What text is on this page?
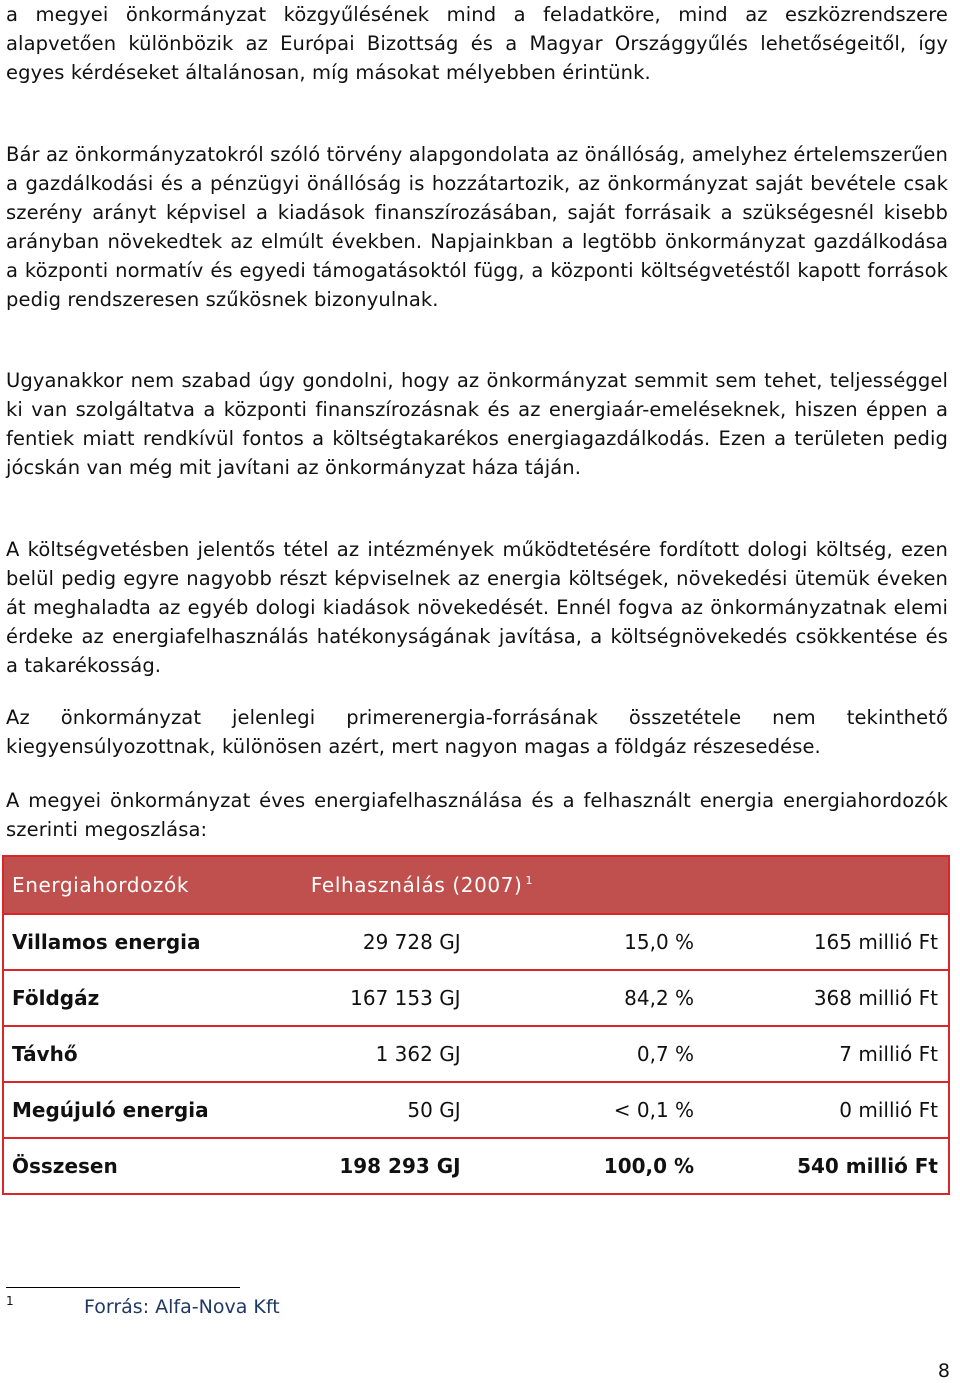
a megyei önkormányzat közgyűlésének mind a feladatköre, mind az eszközrendszere alapvetően különbözik az Európai Bizottság és a Magyar Országgyűlés lehetőségeitől, így egyes kérdéseket általánosan, míg másokat mélyebben érintünk.

Bár az önkormányzatokról szóló törvény alapgondolata az önállóság, amelyhez értelemszerűen a gazdálkodási és a pénzügyi önállóság is hozzátartozik, az önkormányzat saját bevétele csak szerény arányt képvisel a kiadások finanszírozásában, saját forrásaik a szükségesnél kisebb arányban növekedtek az elmúlt években. Napjainkban a legtöbb önkormányzat gazdálkodása a központi normatív és egyedi támogatásoktól függ, a központi költségvetéstől kapott források pedig rendszeresen szűkösnek bizonyulnak.

Ugyanakkor nem szabad úgy gondolni, hogy az önkormányzat semmit sem tehet, teljességgel ki van szolgáltatva a központi finanszírozásnak és az energiaár-emeléseknek, hiszen éppen a fentiek miatt rendkívül fontos a költségtakarékos energiagazdálkodás. Ezen a területen pedig jócskán van még mit javítani az önkormányzat háza táján.

A költségvetésben jelentős tétel az intézmények működtetésére fordított dologi költség, ezen belül pedig egyre nagyobb részt képviselnek az energia költségek, növekedési ütemük éveken át meghaladta az egyéb dologi kiadások növekedését. Ennél fogva az önkormányzatnak elemi érdeke az energiafelhasználás hatékonyságának javítása, a költségnövekedés csökkentése és a takarékosság.

Az önkormányzat jelenlegi primerenergia-forrásának összetétele nem tekinthető kiegyensúlyozottnak, különösen azért, mert nagyon magas a földgáz részesedése.

A megyei önkormányzat éves energiafelhasználása és a felhasznált energia energiahordozók szerinti megoszlása:

Energiahordozók	Felhasználás (2007) $^1$
Villamos energia	29 728 GJ	15,0 %	165 millió Ft
Földgáz	167 153 GJ	84,2 %	368 millió Ft
Távhő	1 362 GJ	0,7 %	7 millió Ft
Megújuló energia	50 GJ	< 0,1 %	0 millió Ft
Összesen	198 293 GJ	100,0 %	540 millió Ft
1	Forrás: Alfa-Nova Kft
8
